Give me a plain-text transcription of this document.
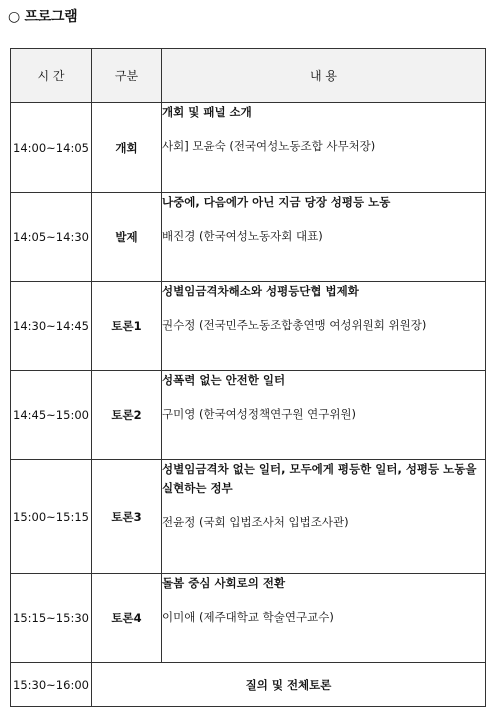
○ 프로그램
시 간	구분	내 용
14:00~14:05	개회	개회 및 패널 소개
사회] 모윤숙 (전국여성노동조합 사무처장)

14:05~14:30	발제	나중에, 다음에가 아닌 지금 당장 성평등 노동
배진경 (한국여성노동자회 대표)

14:30~14:45	토론1	성별임금격차해소와 성평등단협 법제화
권수정 (전국민주노동조합총연맹 여성위원회 위원장)

14:45~15:00	토론2	성폭력 없는 안전한 일터
구미영 (한국여성정책연구원 연구위원)

15:00~15:15	토론3	성별임금격차 없는 일터, 모두에게 평등한 일터, 성평등 노동을 실현하는 정부
전윤정 (국회 입법조사처 입법조사관)

15:15~15:30	토론4	돌봄 중심 사회로의 전환
이미애 (제주대학교 학술연구교수)

15:30~16:00	질의 및 전체토론	
